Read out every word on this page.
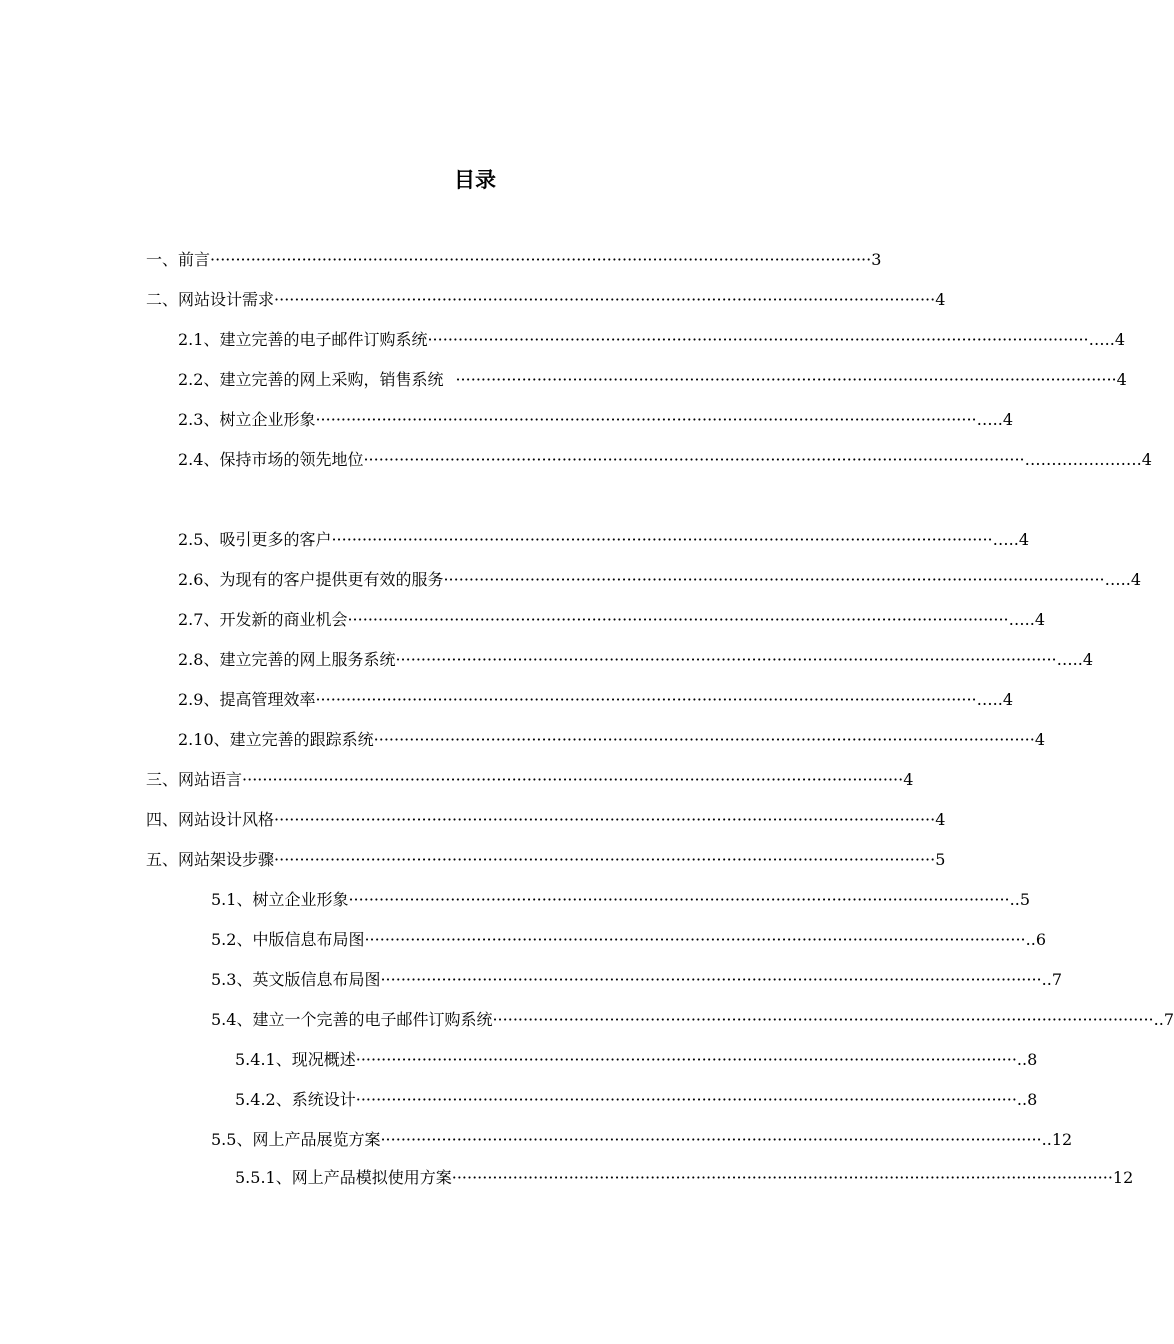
目录
一、 前言 ·································································································································· 3
二、 网站设计需求 ·································································································································· 4
2.1、 建立完善的电子邮件订购系统 ·································································································································· …..4
2.2、 建立完善的网上采购，销售系统 ·································································································································· 4
2.3、 树立企业形象 ·································································································································· …..4
2.4、 保持市场的领先地位 ·································································································································· ………………….4
2.5、 吸引更多的客户 ·································································································································· …..4
2.6、 为现有的客户提供更有效的服务 ·································································································································· …..4
2.7、 开发新的商业机会 ·································································································································· …..4
2.8、 建立完善的网上服务系统 ·································································································································· …..4
2.9、 提高管理效率 ·································································································································· …..4
2.10、 建立完善的跟踪系统 ·································································································································· 4
三、 网站语言 ·································································································································· 4
四、 网站设计风格 ·································································································································· 4
五、 网站架设步骤 ·································································································································· 5
5.1、 树立企业形象 ·································································································································· ..5
5.2、 中版信息布局图 ·································································································································· ..6
5.3、 英文版信息布局图 ·································································································································· ..7
5.4、 建立一个完善的电子邮件订购系统 ·································································································································· ..7
5.4.1、 现况概述 ·································································································································· ..8
5.4.2、 系统设计 ·································································································································· ..8
5.5、 网上产品展览方案 ·································································································································· ..12
5.5.1、 网上产品模拟使用方案 ·································································································································· 12
